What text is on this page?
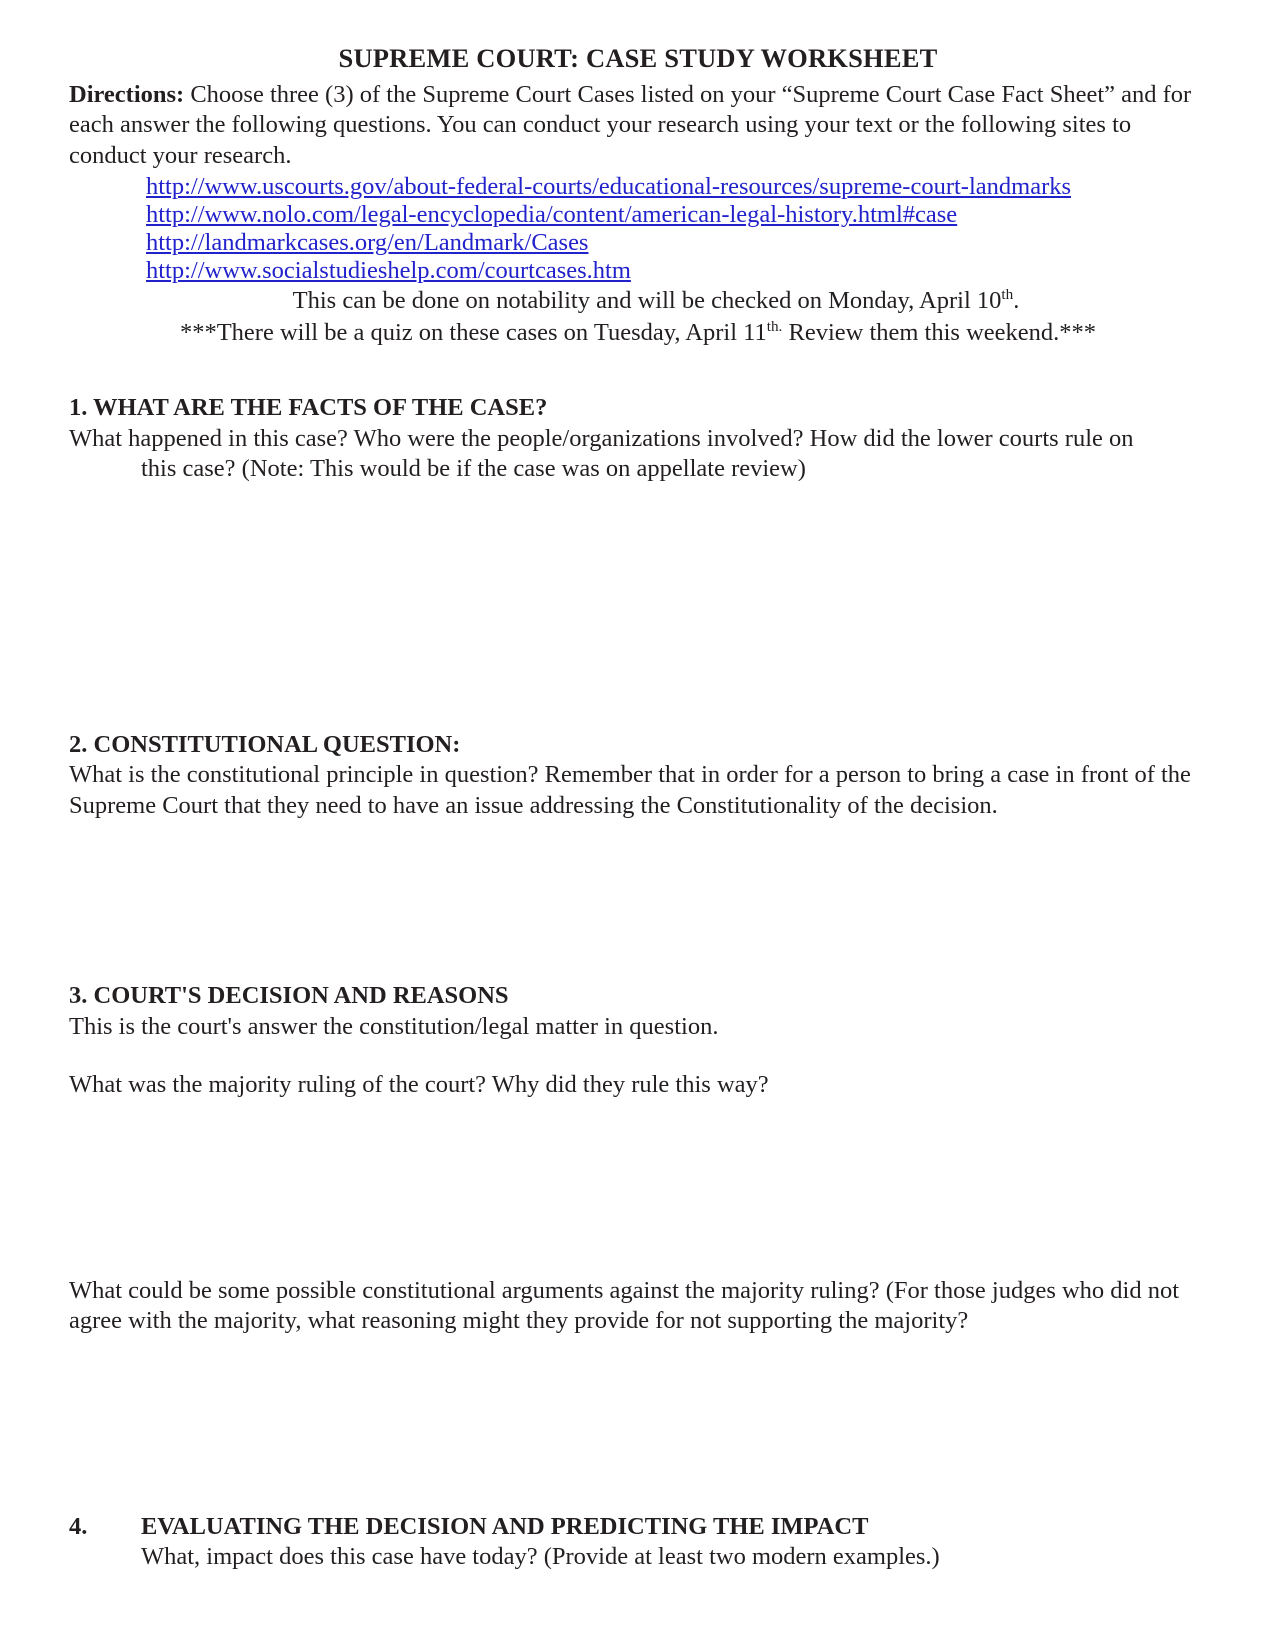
SUPREME COURT: CASE STUDY WORKSHEET

Directions: Choose three (3) of the Supreme Court Cases listed on your “Supreme Court Case Fact Sheet” and for each answer the following questions. You can conduct your research using your text or the following sites to conduct your research.

http://www.uscourts.gov/about-federal-courts/educational-resources/supreme-court-landmarks
http://www.nolo.com/legal-encyclopedia/content/american-legal-history.html#case
http://landmarkcases.org/en/Landmark/Cases
http://www.socialstudieshelp.com/courtcases.htm

This can be done on notability and will be checked on Monday, April 10th.

***There will be a quiz on these cases on Tuesday, April $11^{th.}$ Review them this weekend.***

1. WHAT ARE THE FACTS OF THE CASE?

What happened in this case? Who were the people/organizations involved? How did the lower courts rule on
this case? (Note: This would be if the case was on appellate review)

2. CONSTITUTIONAL QUESTION:

What is the constitutional principle in question? Remember that in order for a person to bring a case in front of the Supreme Court that they need to have an issue addressing the Constitutionality of the decision.

3. COURT'S DECISION AND REASONS

This is the court's answer the constitution/legal matter in question.

What was the majority ruling of the court? Why did they rule this way?

What could be some possible constitutional arguments against the majority ruling? (For those judges who did not agree with the majority, what reasoning might they provide for not supporting the majority?

4. EVALUATING THE DECISION AND PREDICTING THE IMPACT

What, impact does this case have today? (Provide at least two modern examples.)
